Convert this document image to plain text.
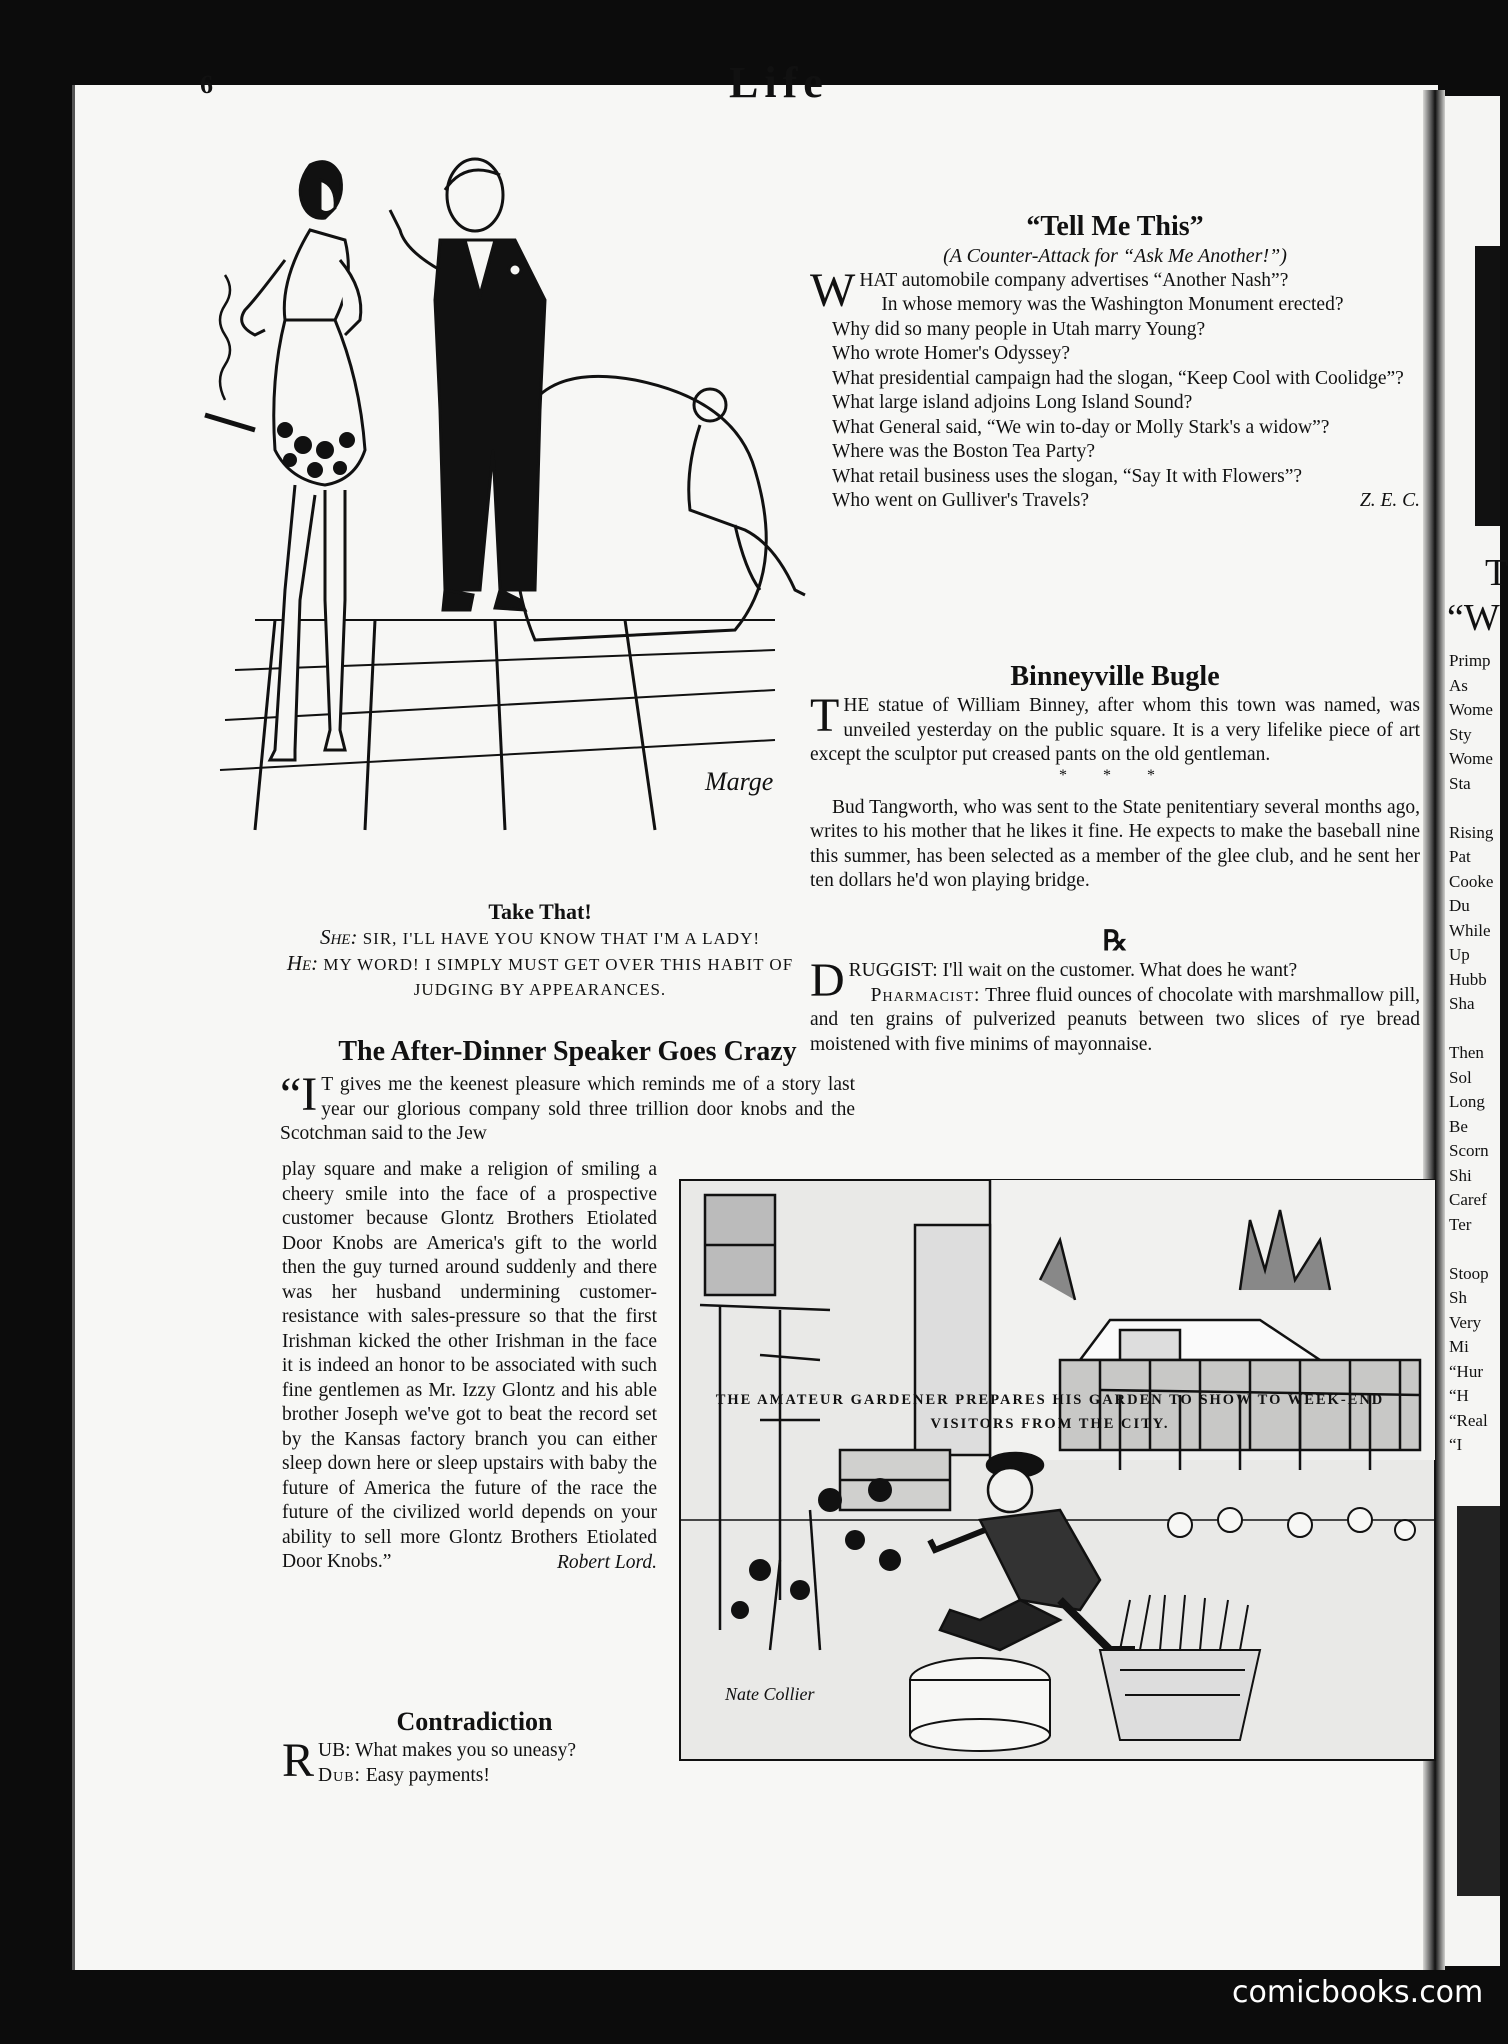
T
“W
Primp
As
Wome
Sty
Wome
Sta
Rising
Pat
Cooke
Du
While
Up
Hubb
Sha
Then
Sol
Long
Be
Scorn
Shi
Caref
Ter
Stoop
Sh
Very
Mi
“Hur
“H
“Real
“I
6	Life
Marge
Take That!
She: SIR, I'LL HAVE YOU KNOW THAT I'M A LADY!
He: MY WORD! I SIMPLY MUST GET OVER THIS HABIT OF
JUDGING BY APPEARANCES.
“Tell Me This”
(A Counter-Attack for “Ask Me Another!”)
WHAT automobile company advertises “Another Nash”?
In whose memory was the Washington Monument erected?
Why did so many people in Utah marry Young?
Who wrote Homer's Odyssey?
What presidential campaign had the slogan, “Keep Cool with Coolidge”?
What large island adjoins Long Island Sound?
What General said, “We win to-day or Molly Stark's a widow”?
Where was the Boston Tea Party?
What retail business uses the slogan, “Say It with Flowers”?
Who went on Gulliver's Travels?	Z. E. C.
Binneyville Bugle
THE statue of William Binney, after whom this town was named, was unveiled yesterday on the public square. It is a very lifelike piece of art except the sculptor put creased pants on the old gentleman.
* * *
Bud Tangworth, who was sent to the State penitentiary several months ago, writes to his mother that he likes it fine. He expects to make the baseball nine this summer, has been selected as a member of the glee club, and he sent her ten dollars he'd won playing bridge.
℞
DRUGGIST: I'll wait on the customer. What does he want?
Pharmacist: Three fluid ounces of chocolate with marshmallow pill, and ten grains of pulverized peanuts between two slices of rye bread moistened with five minims of mayonnaise.
The After-Dinner Speaker Goes Crazy
“I T gives me the keenest pleasure which reminds me of a story last year our glorious company sold three trillion door knobs and the Scotchman said to the Jew
play square and make a religion of smiling a cheery smile into the face of a prospective customer because Glontz Brothers Etiolated Door Knobs are America's gift to the world then the guy turned around suddenly and there was her husband undermining customer-resistance with sales-pressure so that the first Irishman kicked the other Irishman in the face it is indeed an honor to be associated with such fine gentlemen as Mr. Izzy Glontz and his able brother Joseph we've got to beat the record set by the Kansas factory branch you can either sleep down here or sleep upstairs with baby the future of America the future of the race the future of the civilized world depends on your ability to sell more Glontz Brothers Etiolated Door Knobs.”	Robert Lord.
Contradiction
RUB: What makes you so uneasy?
Dub: Easy payments!
Nate Collier
THE AMATEUR GARDENER PREPARES HIS GARDEN TO SHOW TO WEEK-END
VISITORS FROM THE CITY.
comicbooks.com
